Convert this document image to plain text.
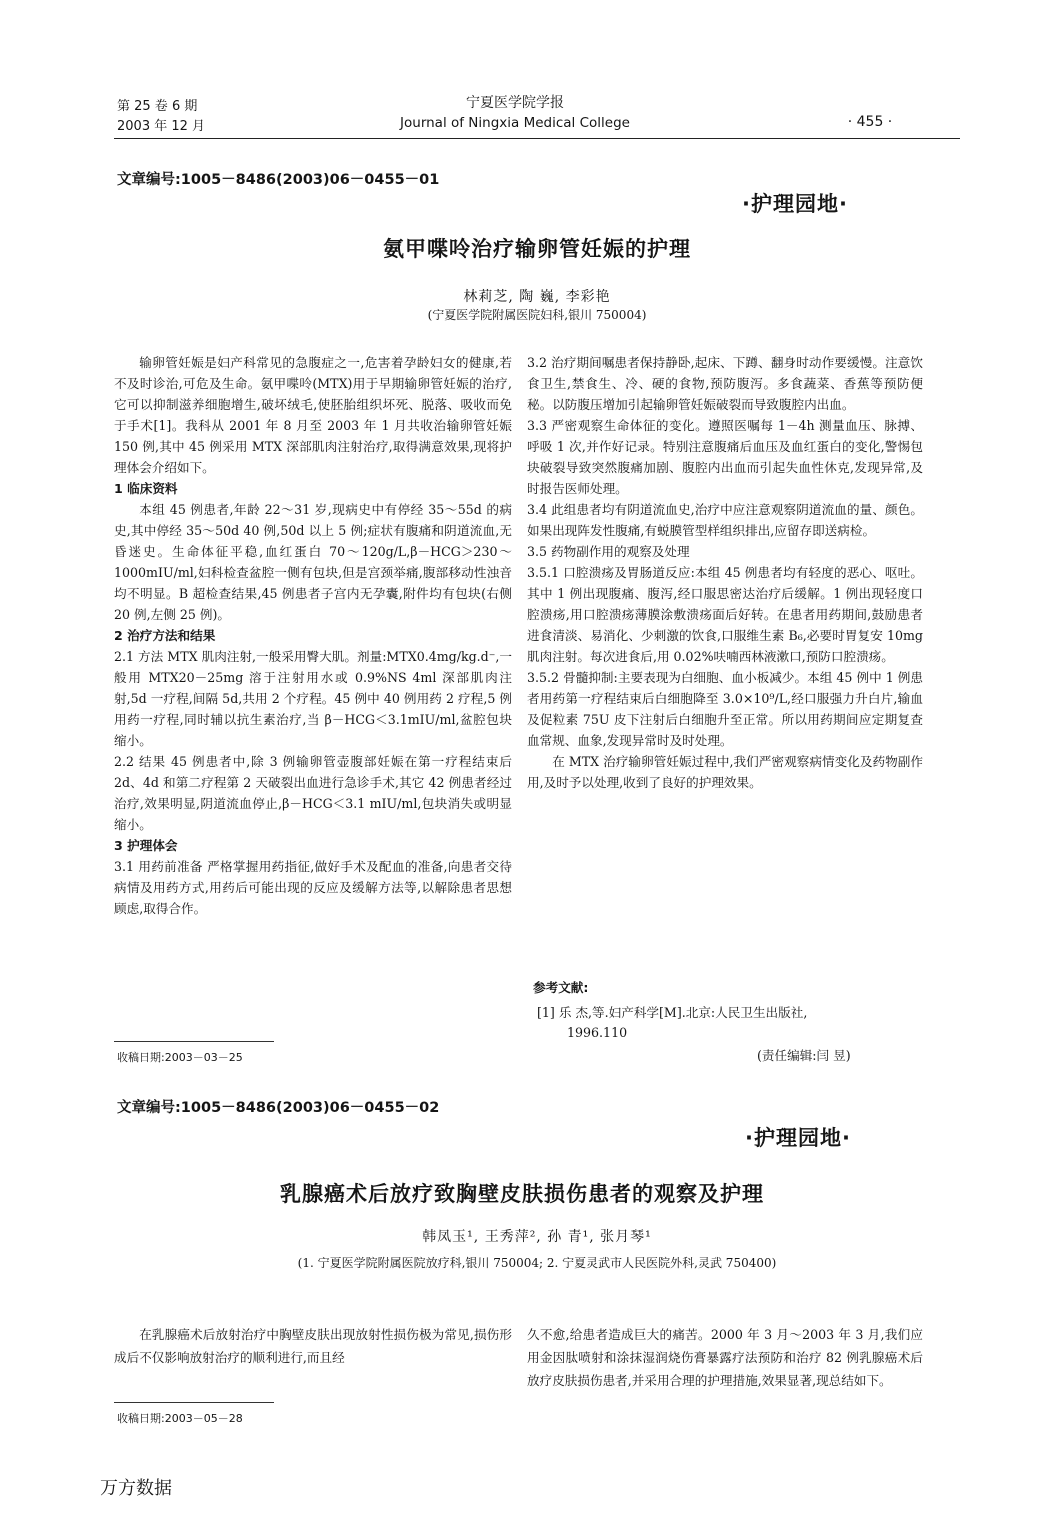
第 25 卷 6 期
2003 年 12 月
宁夏医学院学报
Journal of Ningxia Medical College	· 455 ·
文章编号:1005－8486(2003)06－0455－01
·护理园地·
氨甲喋呤治疗输卵管妊娠的护理
林莉芝, 陶 巍, 李彩艳
(宁夏医学院附属医院妇科,银川 750004)

输卵管妊娠是妇产科常见的急腹症之一,危害着孕龄妇女的健康,若不及时诊治,可危及生命。氨甲喋呤(MTX)用于早期输卵管妊娠的治疗,它可以抑制滋养细胞增生,破坏绒毛,使胚胎组织坏死、脱落、吸收而免于手术[1]。我科从 2001 年 8 月至 2003 年 1 月共收治输卵管妊娠 150 例,其中 45 例采用 MTX 深部肌肉注射治疗,取得满意效果,现将护理体会介绍如下。

1 临床资料

本组 45 例患者,年龄 22～31 岁,现病史中有停经 35～55d 的病史,其中停经 35～50d 40 例,50d 以上 5 例;症状有腹痛和阴道流血,无昏迷史。生命体征平稳,血红蛋白 70～120g/L,β－HCG＞230～1000mIU/ml,妇科检查盆腔一侧有包块,但是宫颈举痛,腹部移动性浊音均不明显。B 超检查结果,45 例患者子宫内无孕囊,附件均有包块(右侧 20 例,左侧 25 例)。

2 治疗方法和结果

2.1 方法 MTX 肌肉注射,一般采用臀大肌。剂量:MTX0.4mg/kg.d⁻,一般用 MTX20－25mg 溶于注射用水或 0.9%NS 4ml 深部肌肉注射,5d 一疗程,间隔 5d,共用 2 个疗程。45 例中 40 例用药 2 疗程,5 例用药一疗程,同时辅以抗生素治疗,当 β－HCG＜3.1mIU/ml,盆腔包块缩小。

2.2 结果 45 例患者中,除 3 例输卵管壶腹部妊娠在第一疗程结束后 2d、4d 和第二疗程第 2 天破裂出血进行急诊手术,其它 42 例患者经过治疗,效果明显,阴道流血停止,β－HCG＜3.1 mIU/ml,包块消失或明显缩小。

3 护理体会

3.1 用药前准备 严格掌握用药指征,做好手术及配血的准备,向患者交待病情及用药方式,用药后可能出现的反应及缓解方法等,以解除患者思想顾虑,取得合作。

3.2 治疗期间嘱患者保持静卧,起床、下蹲、翻身时动作要缓慢。注意饮食卫生,禁食生、冷、硬的食物,预防腹泻。多食蔬菜、香蕉等预防便秘。以防腹压增加引起输卵管妊娠破裂而导致腹腔内出血。

3.3 严密观察生命体征的变化。遵照医嘱每 1－4h 测量血压、脉搏、呼吸 1 次,并作好记录。特别注意腹痛后血压及血红蛋白的变化,警惕包块破裂导致突然腹痛加剧、腹腔内出血而引起失血性休克,发现异常,及时报告医师处理。

3.4 此组患者均有阴道流血史,治疗中应注意观察阴道流血的量、颜色。如果出现阵发性腹痛,有蜕膜管型样组织排出,应留存即送病检。

3.5 药物副作用的观察及处理

3.5.1 口腔溃疡及胃肠道反应:本组 45 例患者均有轻度的恶心、呕吐。其中 1 例出现腹痛、腹泻,经口服思密达治疗后缓解。1 例出现轻度口腔溃疡,用口腔溃疡薄膜涂敷溃疡面后好转。在患者用药期间,鼓励患者进食清淡、易消化、少刺激的饮食,口服维生素 B₆,必要时胃复安 10mg 肌肉注射。每次进食后,用 0.02%呋喃西林液漱口,预防口腔溃疡。

3.5.2 骨髓抑制:主要表现为白细胞、血小板减少。本组 45 例中 1 例患者用药第一疗程结束后白细胞降至 3.0×10⁹/L,经口服强力升白片,输血及促粒素 75U 皮下注射后白细胞升至正常。所以用药期间应定期复查血常规、血象,发现异常时及时处理。

在 MTX 治疗输卵管妊娠过程中,我们严密观察病情变化及药物副作用,及时予以处理,收到了良好的护理效果。

参考文献:
[1] 乐 杰,等.妇产科学[M].北京:人民卫生出版社,
1996.110
(责任编辑:闫 昱)
收稿日期:2003－03－25
文章编号:1005－8486(2003)06－0455－02
·护理园地·
乳腺癌术后放疗致胸壁皮肤损伤患者的观察及护理
韩凤玉¹, 王秀萍², 孙 青¹, 张月琴¹
(1. 宁夏医学院附属医院放疗科,银川 750004; 2. 宁夏灵武市人民医院外科,灵武 750400)

在乳腺癌术后放射治疗中胸壁皮肤出现放射性损伤极为常见,损伤形成后不仅影响放射治疗的顺利进行,而且经

久不愈,给患者造成巨大的痛苦。2000 年 3 月～2003 年 3 月,我们应用金因肽喷射和涂抹湿润烧伤膏暴露疗法预防和治疗 82 例乳腺癌术后放疗皮肤损伤患者,并采用合理的护理措施,效果显著,现总结如下。

收稿日期:2003－05－28
万方数据
